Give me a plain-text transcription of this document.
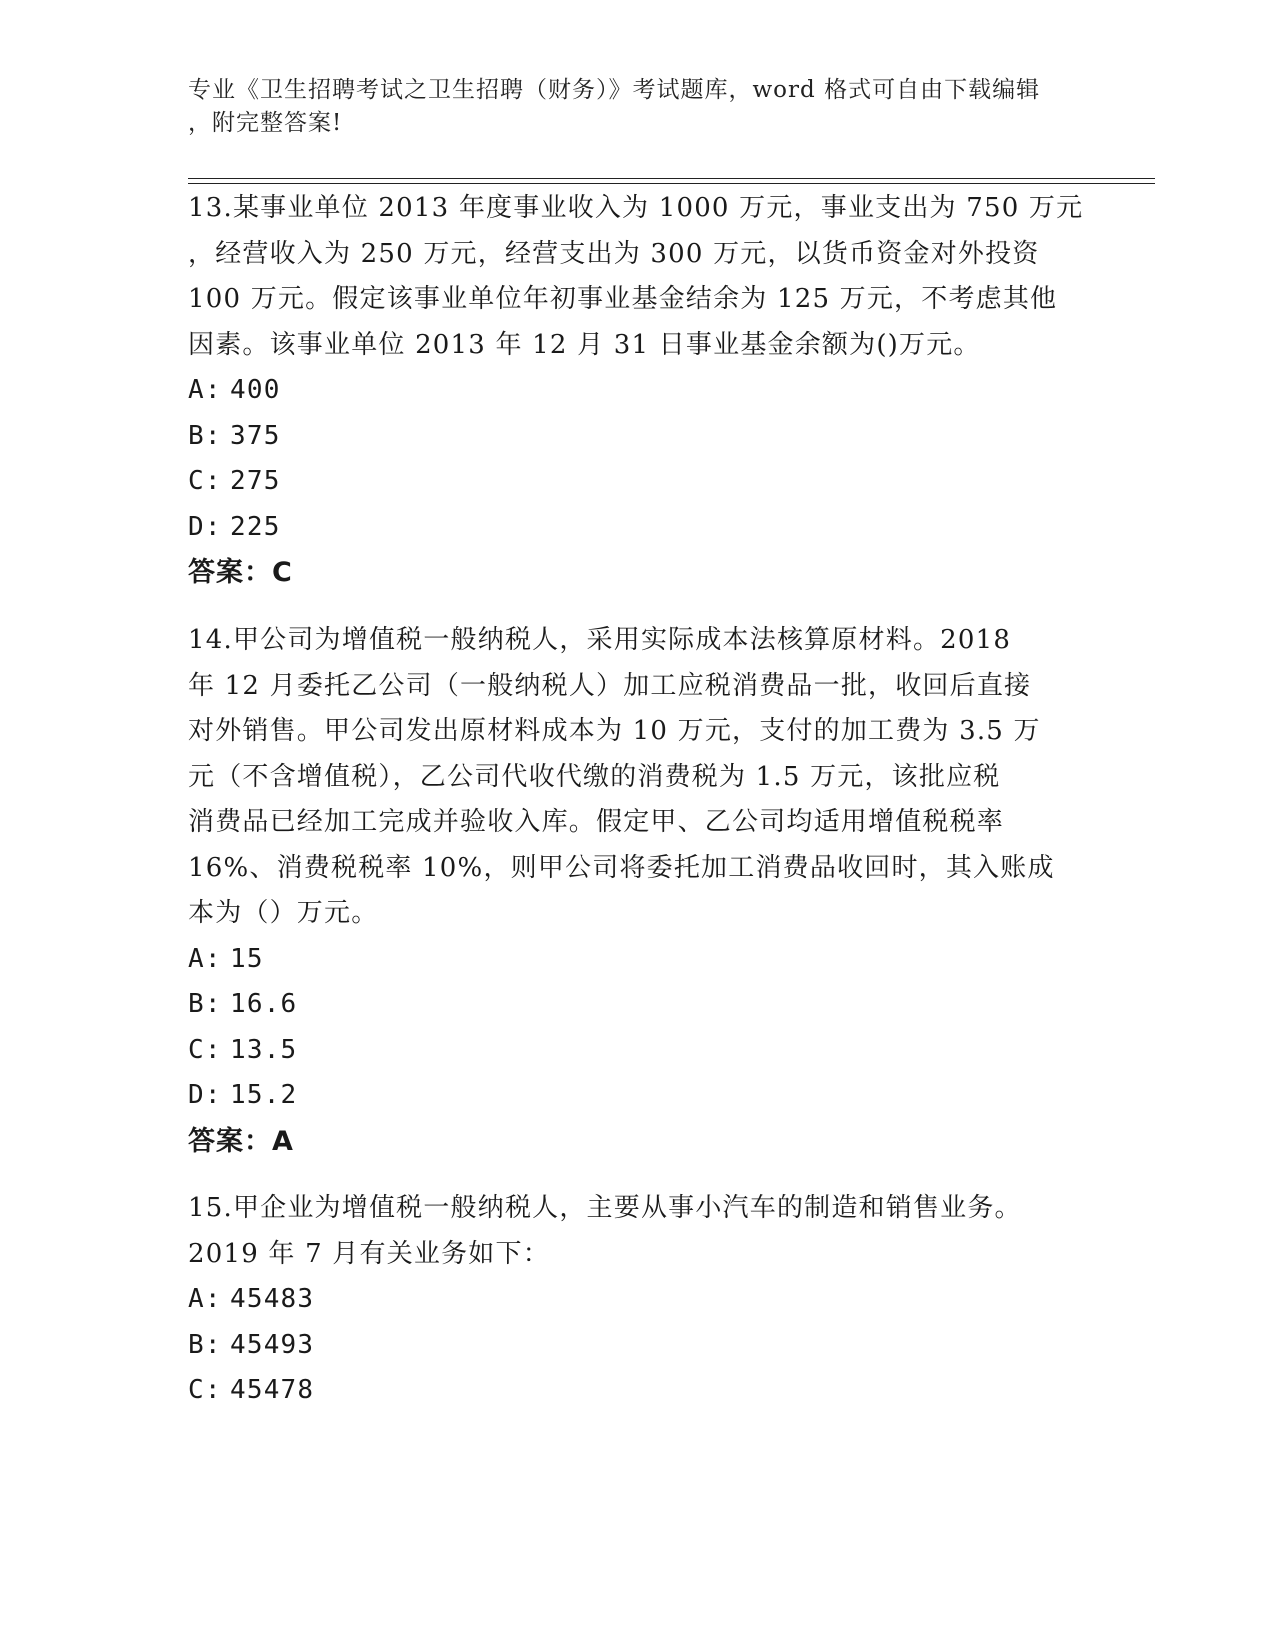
专业《卫生招聘考试之卫生招聘（财务）》考试题库，word 格式可自由下载编辑
，附完整答案!

13.某事业单位 2013 年度事业收入为 1000 万元，事业支出为 750 万元

，经营收入为 250 万元，经营支出为 300 万元，以货币资金对外投资

100 万元。假定该事业单位年初事业基金结余为 125 万元，不考虑其他

因素。该事业单位 2013 年 12 月 31 日事业基金余额为()万元。

A: 400

B: 375

C: 275

D: 225

答案：C

14.甲公司为增值税一般纳税人，采用实际成本法核算原材料。2018

年 12 月委托乙公司（一般纳税人）加工应税消费品一批，收回后直接

对外销售。甲公司发出原材料成本为 10 万元，支付的加工费为 3.5 万

元（不含增值税），乙公司代收代缴的消费税为 1.5 万元，该批应税

消费品已经加工完成并验收入库。假定甲、乙公司均适用增值税税率

16%、消费税税率 10%，则甲公司将委托加工消费品收回时，其入账成

本为（）万元。

A: 15

B: 16.6

C: 13.5

D: 15.2

答案：A

15.甲企业为增值税一般纳税人，主要从事小汽车的制造和销售业务。

2019 年 7 月有关业务如下：

A: 45483

B: 45493

C: 45478
